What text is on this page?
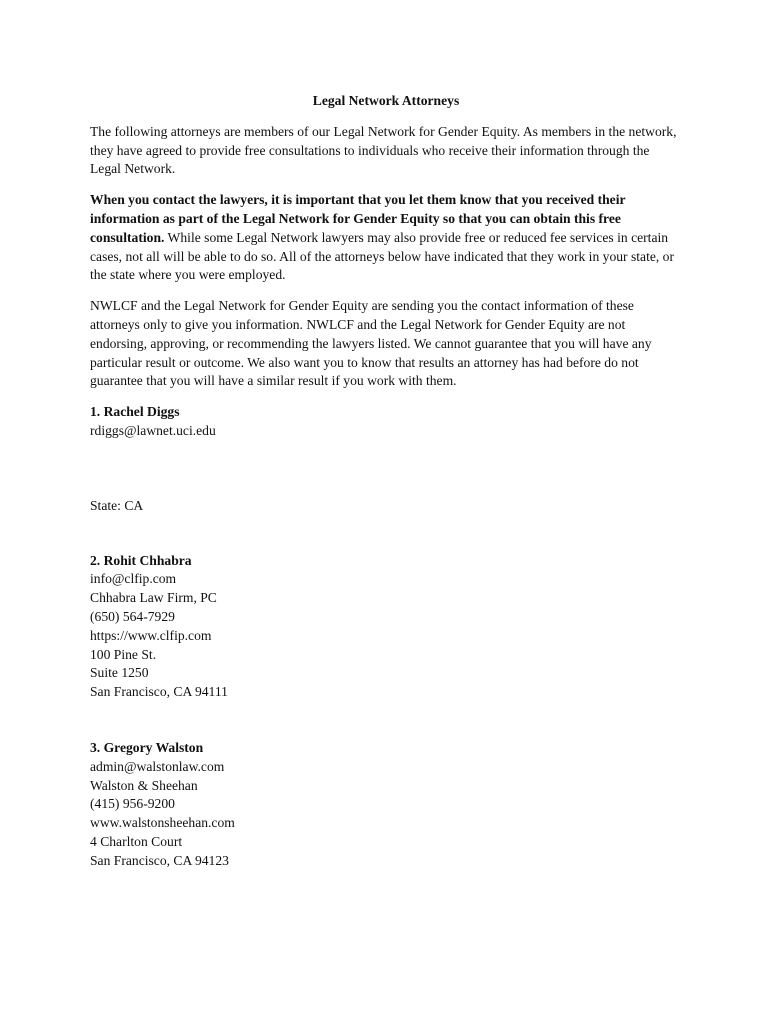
Legal Network Attorneys

The following attorneys are members of our Legal Network for Gender Equity. As members in the network, they have agreed to provide free consultations to individuals who receive their information through the Legal Network.

When you contact the lawyers, it is important that you let them know that you received their information as part of the Legal Network for Gender Equity so that you can obtain this free consultation. While some Legal Network lawyers may also provide free or reduced fee services in certain cases, not all will be able to do so. All of the attorneys below have indicated that they work in your state, or the state where you were employed.

NWLCF and the Legal Network for Gender Equity are sending you the contact information of these attorneys only to give you information. NWLCF and the Legal Network for Gender Equity are not endorsing, approving, or recommending the lawyers listed. We cannot guarantee that you will have any particular result or outcome. We also want you to know that results an attorney has had before do not guarantee that you will have a similar result if you work with them.

1. Rachel Diggs
rdiggs@lawnet.uci.edu
State: CA
2. Rohit Chhabra
info@clfip.com
Chhabra Law Firm, PC
(650) 564-7929
https://www.clfip.com
100 Pine St.
Suite 1250
San Francisco, CA 94111
3. Gregory Walston
admin@walstonlaw.com
Walston & Sheehan
(415) 956-9200
www.walstonsheehan.com
4 Charlton Court
San Francisco, CA 94123
